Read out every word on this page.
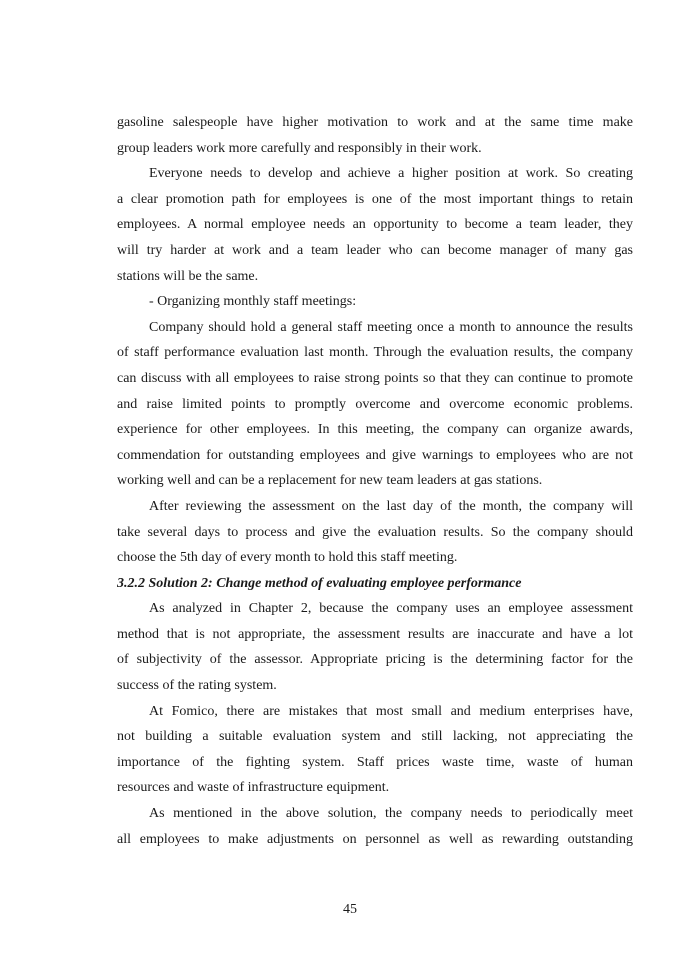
gasoline salespeople have higher motivation to work and at the same time make
group leaders work more carefully and responsibly in their work.
Everyone needs to develop and achieve a higher position at work. So creating
a clear promotion path for employees is one of the most important things to retain
employees. A normal employee needs an opportunity to become a team leader, they
will try harder at work and a team leader who can become manager of many gas
stations will be the same.
- Organizing monthly staff meetings:
Company should hold a general staff meeting once a month to announce the results
of staff performance evaluation last month. Through the evaluation results, the company
can discuss with all employees to raise strong points so that they can continue to promote
and raise limited points to promptly overcome and overcome economic problems.
experience for other employees. In this meeting, the company can organize awards,
commendation for outstanding employees and give warnings to employees who are not
working well and can be a replacement for new team leaders at gas stations.
After reviewing the assessment on the last day of the month, the company will
take several days to process and give the evaluation results. So the company should
choose the 5th day of every month to hold this staff meeting.
3.2.2 Solution 2: Change method of evaluating employee performance
As analyzed in Chapter 2, because the company uses an employee assessment
method that is not appropriate, the assessment results are inaccurate and have a lot
of subjectivity of the assessor. Appropriate pricing is the determining factor for the
success of the rating system.
At Fomico, there are mistakes that most small and medium enterprises have,
not building a suitable evaluation system and still lacking, not appreciating the
importance of the fighting system. Staff prices waste time, waste of human
resources and waste of infrastructure equipment.
As mentioned in the above solution, the company needs to periodically meet
all employees to make adjustments on personnel as well as rewarding outstanding
45
